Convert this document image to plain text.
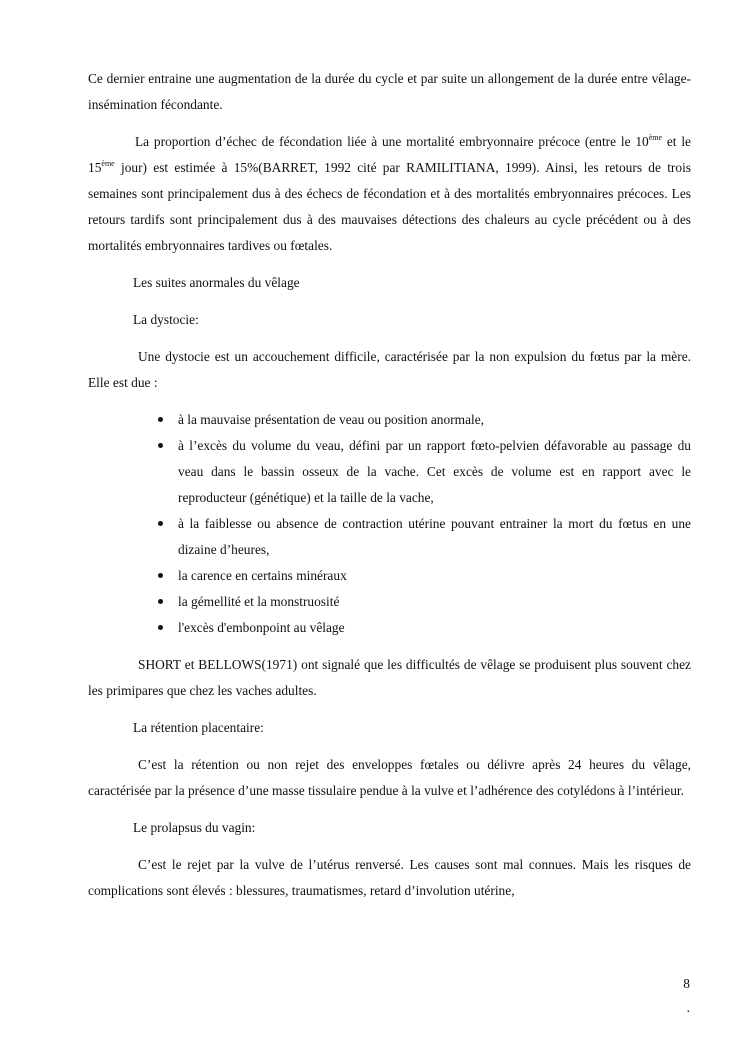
Ce dernier entraine une augmentation de la durée du cycle et par suite un allongement de la durée entre vêlage-insémination fécondante.

La proportion d’échec de fécondation liée à une mortalité embryonnaire précoce (entre le 10ème et le 15ème jour) est estimée à 15%(BARRET, 1992 cité par RAMILITIANA, 1999). Ainsi, les retours de trois semaines sont principalement dus à des échecs de fécondation et à des mortalités embryonnaires précoces. Les retours tardifs sont principalement dus à des mauvaises détections des chaleurs au cycle précédent ou à des mortalités embryonnaires tardives ou fœtales.

Les suites anormales du vêlage

La dystocie:

Une dystocie est un accouchement difficile, caractérisée par la non expulsion du fœtus par la mère. Elle est due :

à la mauvaise présentation de veau ou position anormale,
à l’excès du volume du veau, défini par un rapport fœto-pelvien défavorable au passage du veau dans le bassin osseux de la vache. Cet excès de volume est en rapport avec le reproducteur (génétique) et la taille de la vache,
à la faiblesse ou absence de contraction utérine pouvant entrainer la mort du fœtus en une dizaine d’heures,
la carence en certains minéraux
la gémellité et la monstruosité
l'excès d'embonpoint au vêlage

SHORT et BELLOWS(1971) ont signalé que les difficultés de vêlage se produisent plus souvent chez les primipares que chez les vaches adultes.

La rétention placentaire:

C’est la rétention ou non rejet des enveloppes fœtales ou délivre après 24 heures du vêlage, caractérisée par la présence d’une masse tissulaire pendue à la vulve et l’adhérence des cotylédons à l’intérieur.

Le prolapsus du vagin:

C’est le rejet par la vulve de l’utérus renversé. Les causes sont mal connues. Mais les risques de complications sont élevés : blessures, traumatismes, retard d’involution utérine,

8
.
